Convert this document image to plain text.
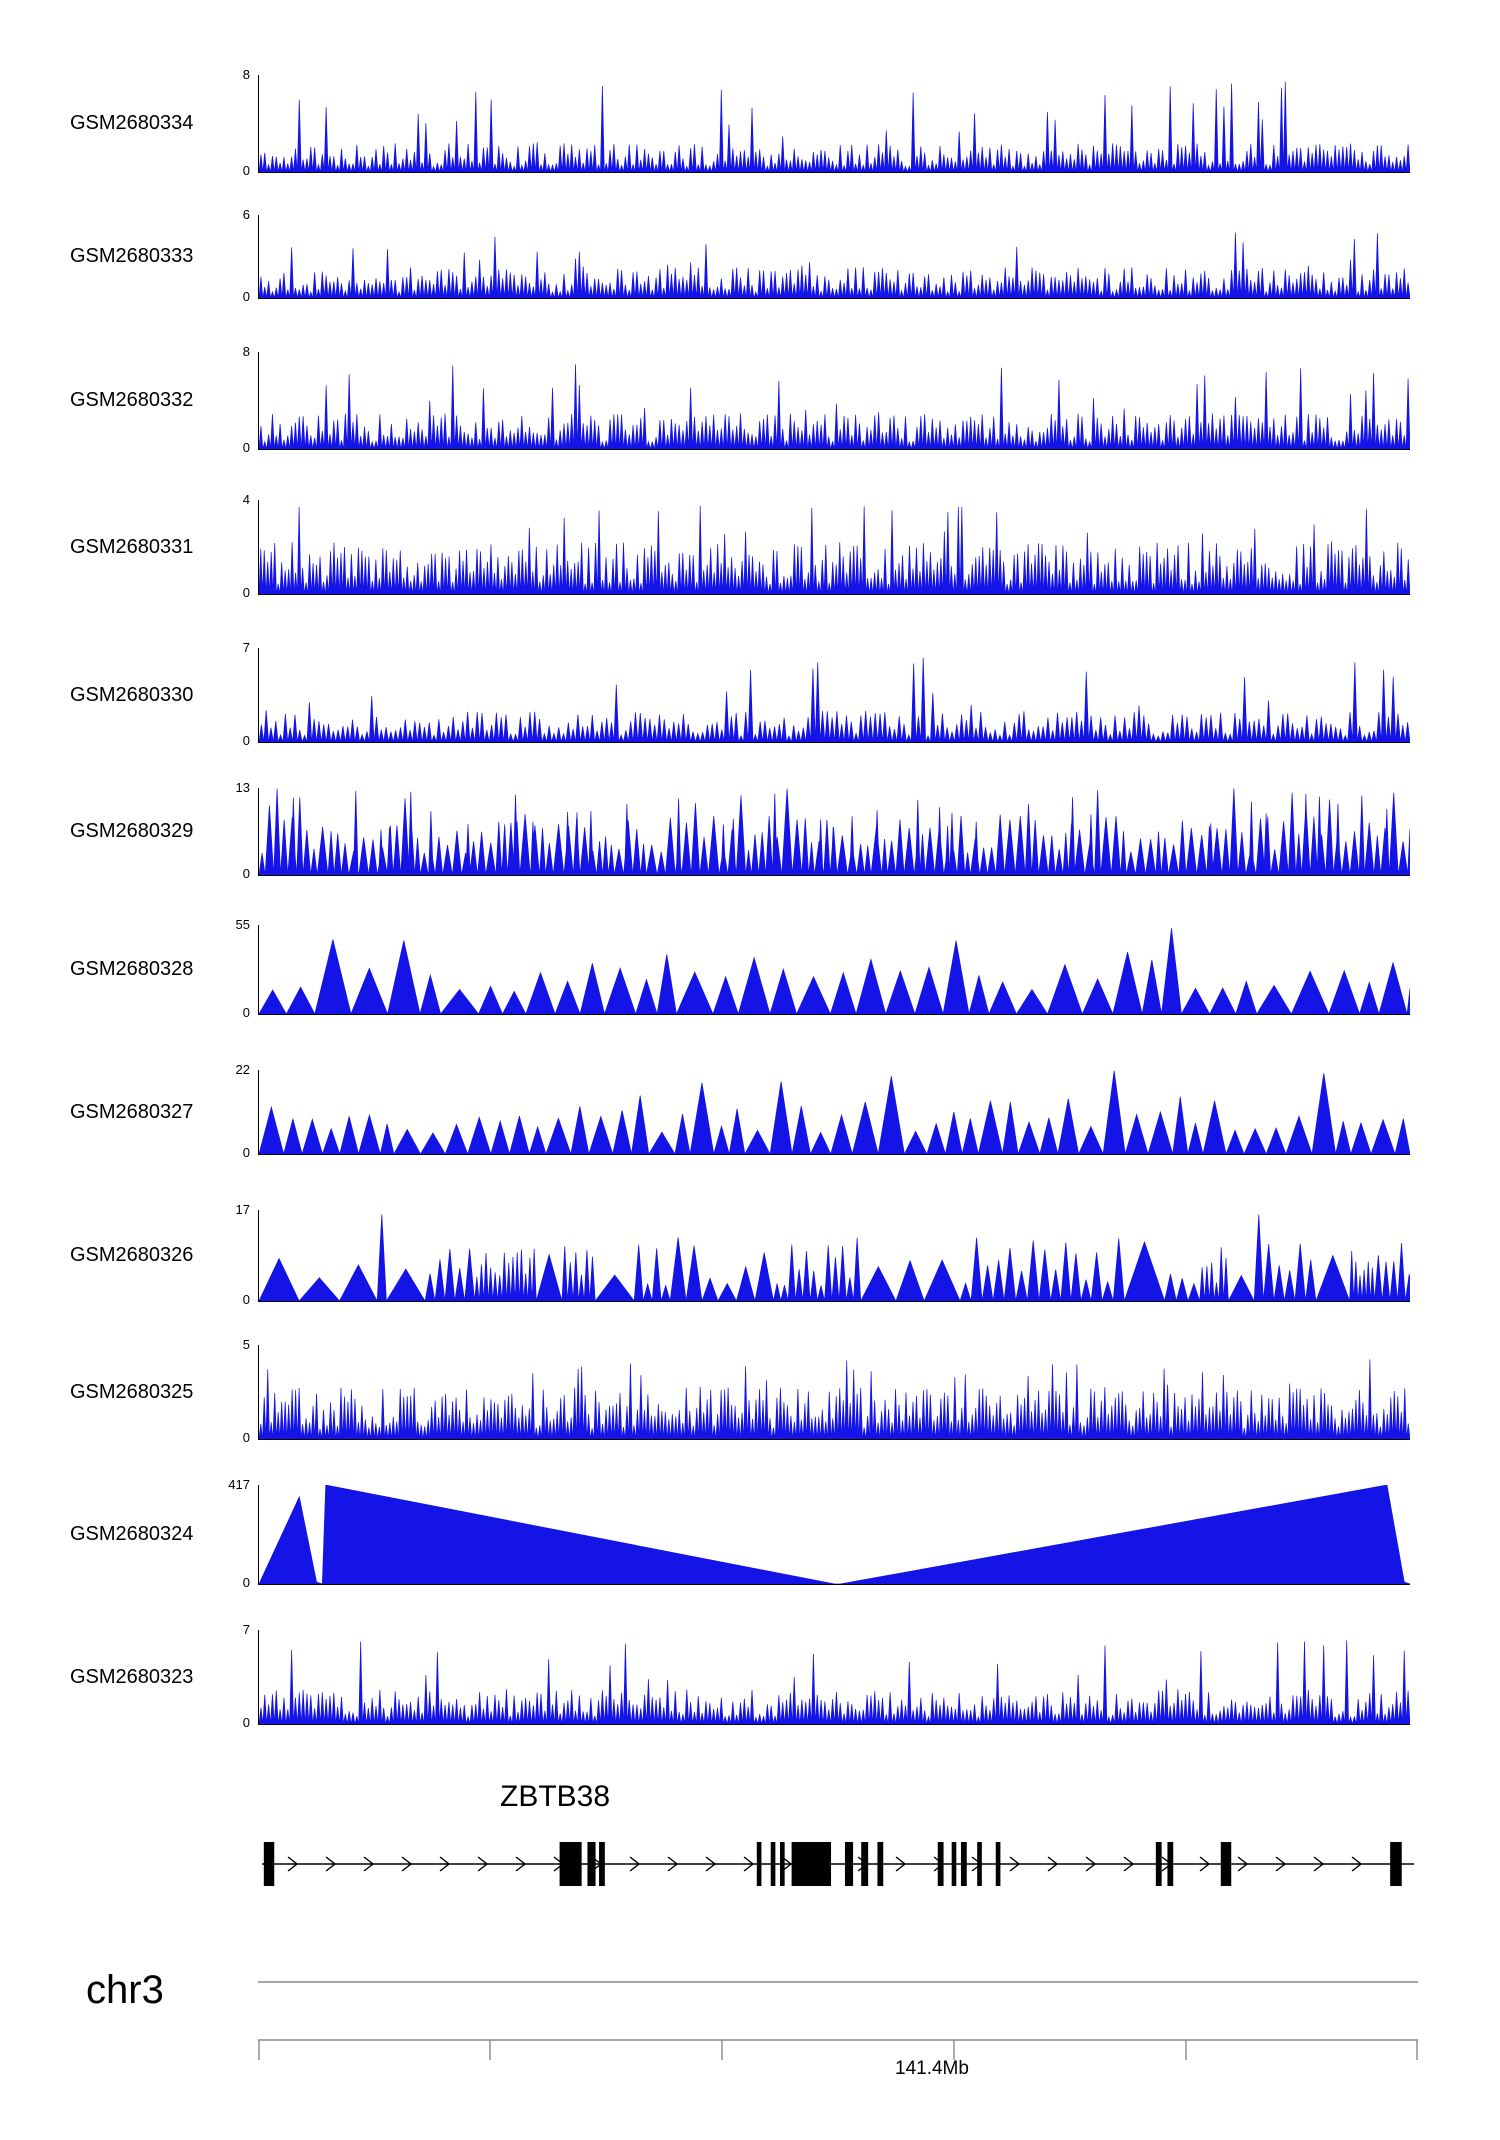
GSM2680334
8
0
GSM2680333
6
0
GSM2680332
8
0
GSM2680331
4
0
GSM2680330
7
0
GSM2680329
13
0
GSM2680328
55
0
GSM2680327
22
0
GSM2680326
17
0
GSM2680325
5
0
GSM2680324
417
0
GSM2680323
7
0
ZBTB38
chr3
141.4Mb
